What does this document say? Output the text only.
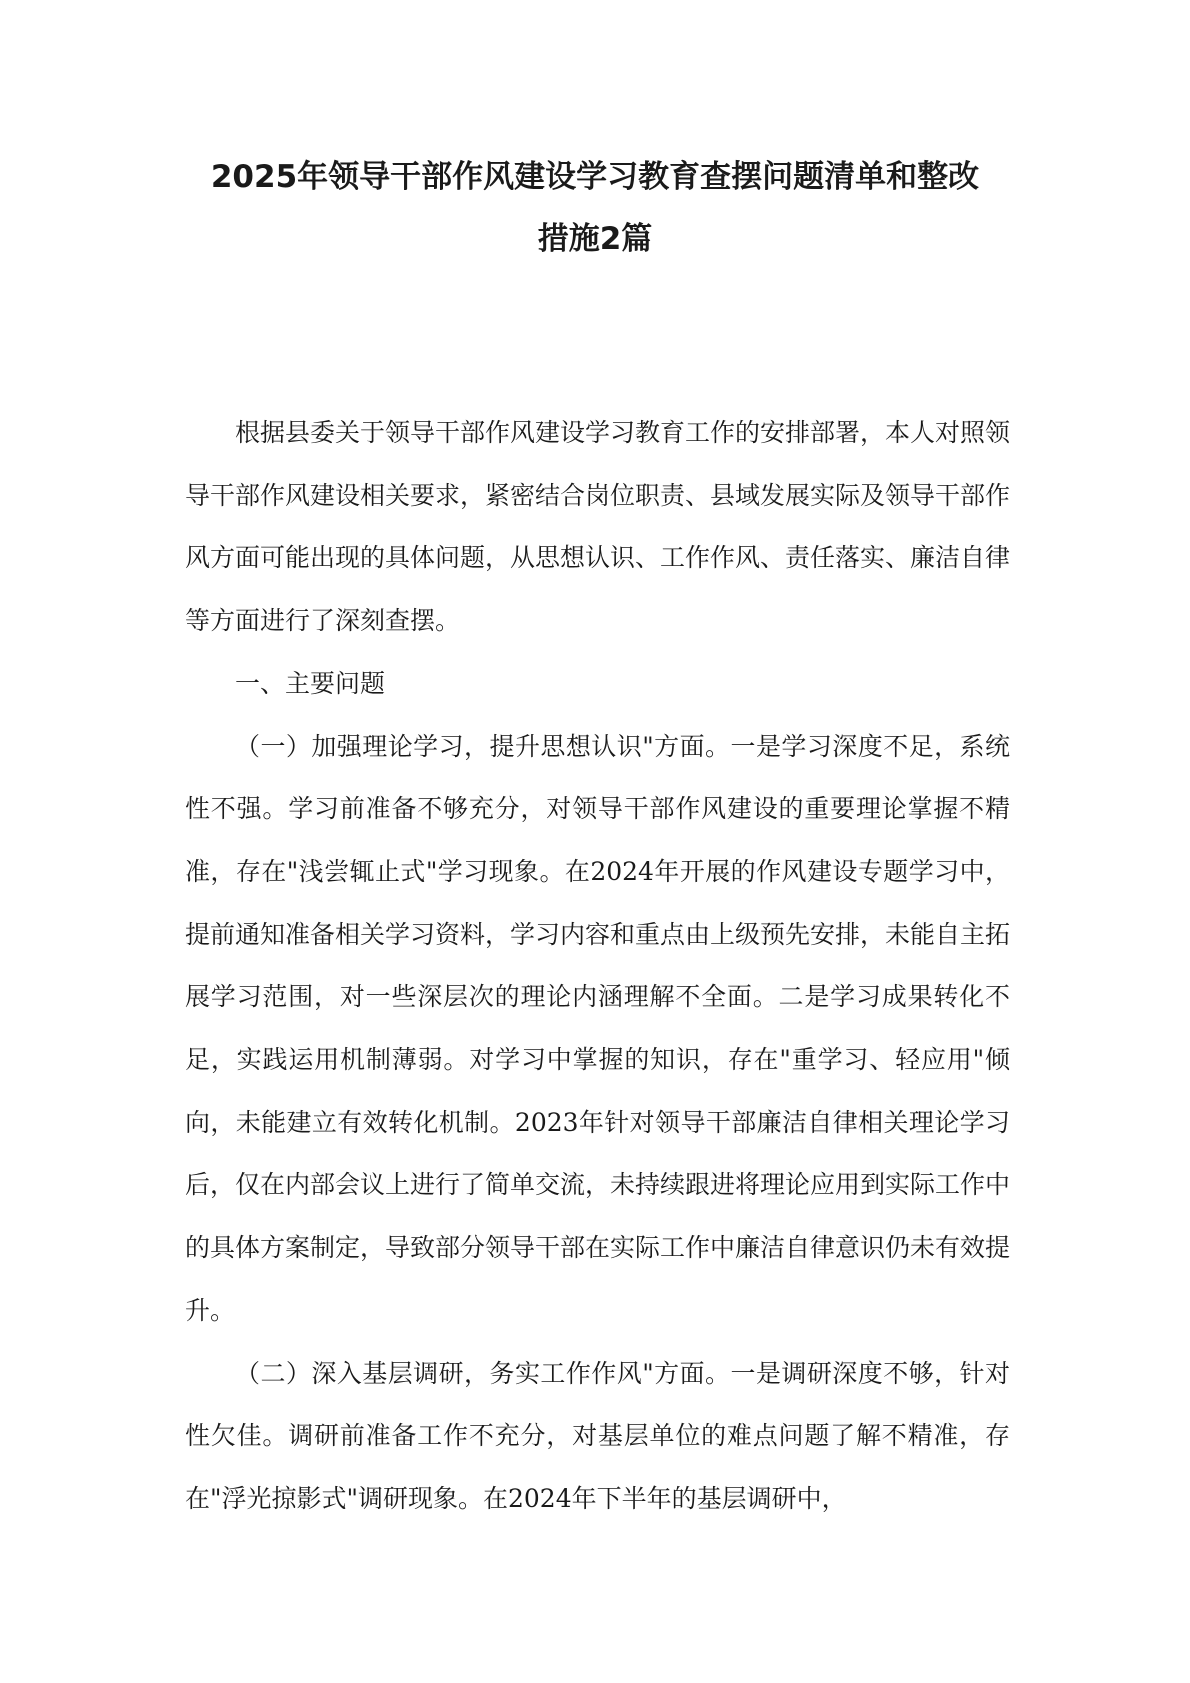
2025年领导干部作风建设学习教育查摆问题清单和整改
措施2篇

根据县委关于领导干部作风建设学习教育工作的安排部署，本人对照领导干部作风建设相关要求，紧密结合岗位职责、县域发展实际及领导干部作风方面可能出现的具体问题，从思想认识、工作作风、责任落实、廉洁自律等方面进行了深刻查摆。

一、主要问题

（一）加强理论学习，提升思想认识"方面。一是学习深度不足，系统性不强。学习前准备不够充分，对领导干部作风建设的重要理论掌握不精准，存在"浅尝辄止式"学习现象。在2024年开展的作风建设专题学习中，提前通知准备相关学习资料，学习内容和重点由上级预先安排，未能自主拓展学习范围，对一些深层次的理论内涵理解不全面。二是学习成果转化不足，实践运用机制薄弱。对学习中掌握的知识，存在"重学习、轻应用"倾向，未能建立有效转化机制。2023年针对领导干部廉洁自律相关理论学习后，仅在内部会议上进行了简单交流，未持续跟进将理论应用到实际工作中的具体方案制定，导致部分领导干部在实际工作中廉洁自律意识仍未有效提升。

（二）深入基层调研，务实工作作风"方面。一是调研深度不够，针对性欠佳。调研前准备工作不充分，对基层单位的难点问题了解不精准，存在"浮光掠影式"调研现象。在2024年下半年的基层调研中，
